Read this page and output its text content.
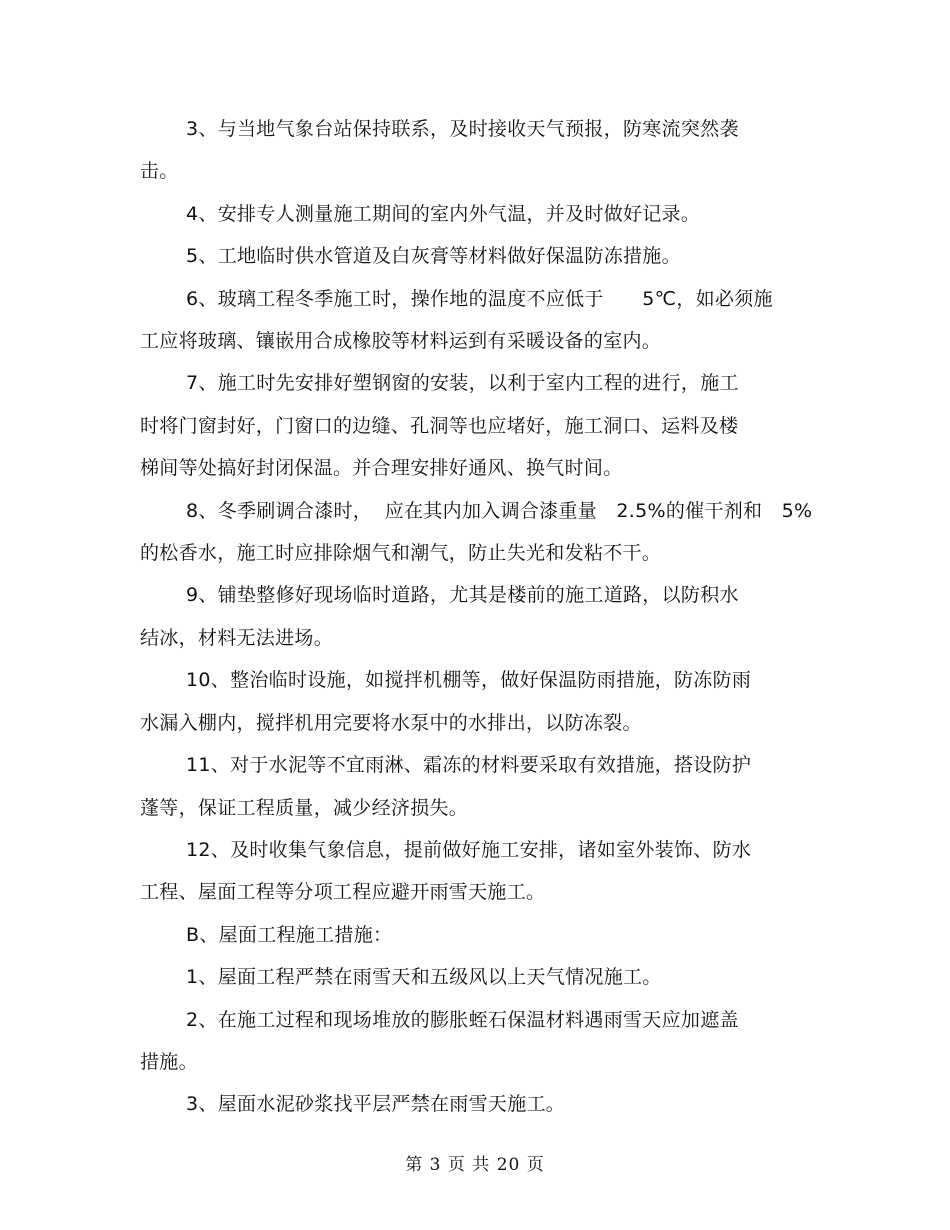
3、与当地气象台站保持联系，及时接收天气预报，防寒流突然袭
击。

4、安排专人测量施工期间的室内外气温，并及时做好记录。

5、工地临时供水管道及白灰膏等材料做好保温防冻措施。

6、玻璃工程冬季施工时，操作地的温度不应低于　　5℃，如必须施
工应将玻璃、镶嵌用合成橡胶等材料运到有采暖设备的室内。

7、施工时先安排好塑钢窗的安装，以利于室内工程的进行，施工
时将门窗封好，门窗口的边缝、孔洞等也应堵好，施工洞口、运料及楼
梯间等处搞好封闭保温。并合理安排好通风、换气时间。

8、冬季刷调合漆时，  应在其内加入调合漆重量　2.5%的催干剂和　5%
的松香水，施工时应排除烟气和潮气，防止失光和发粘不干。

9、铺垫整修好现场临时道路，尤其是楼前的施工道路，以防积水
结冰，材料无法进场。

10、整治临时设施，如搅拌机棚等，做好保温防雨措施，防冻防雨
水漏入棚内，搅拌机用完要将水泵中的水排出，以防冻裂。

11、对于水泥等不宜雨淋、霜冻的材料要采取有效措施，搭设防护
蓬等，保证工程质量，减少经济损失。

12、及时收集气象信息，提前做好施工安排，诸如室外装饰、防水
工程、屋面工程等分项工程应避开雨雪天施工。

B、屋面工程施工措施：

1、屋面工程严禁在雨雪天和五级风以上天气情况施工。

2、在施工过程和现场堆放的膨胀蛭石保温材料遇雨雪天应加遮盖
措施。

3、屋面水泥砂浆找平层严禁在雨雪天施工。

第 3 页 共 20 页
